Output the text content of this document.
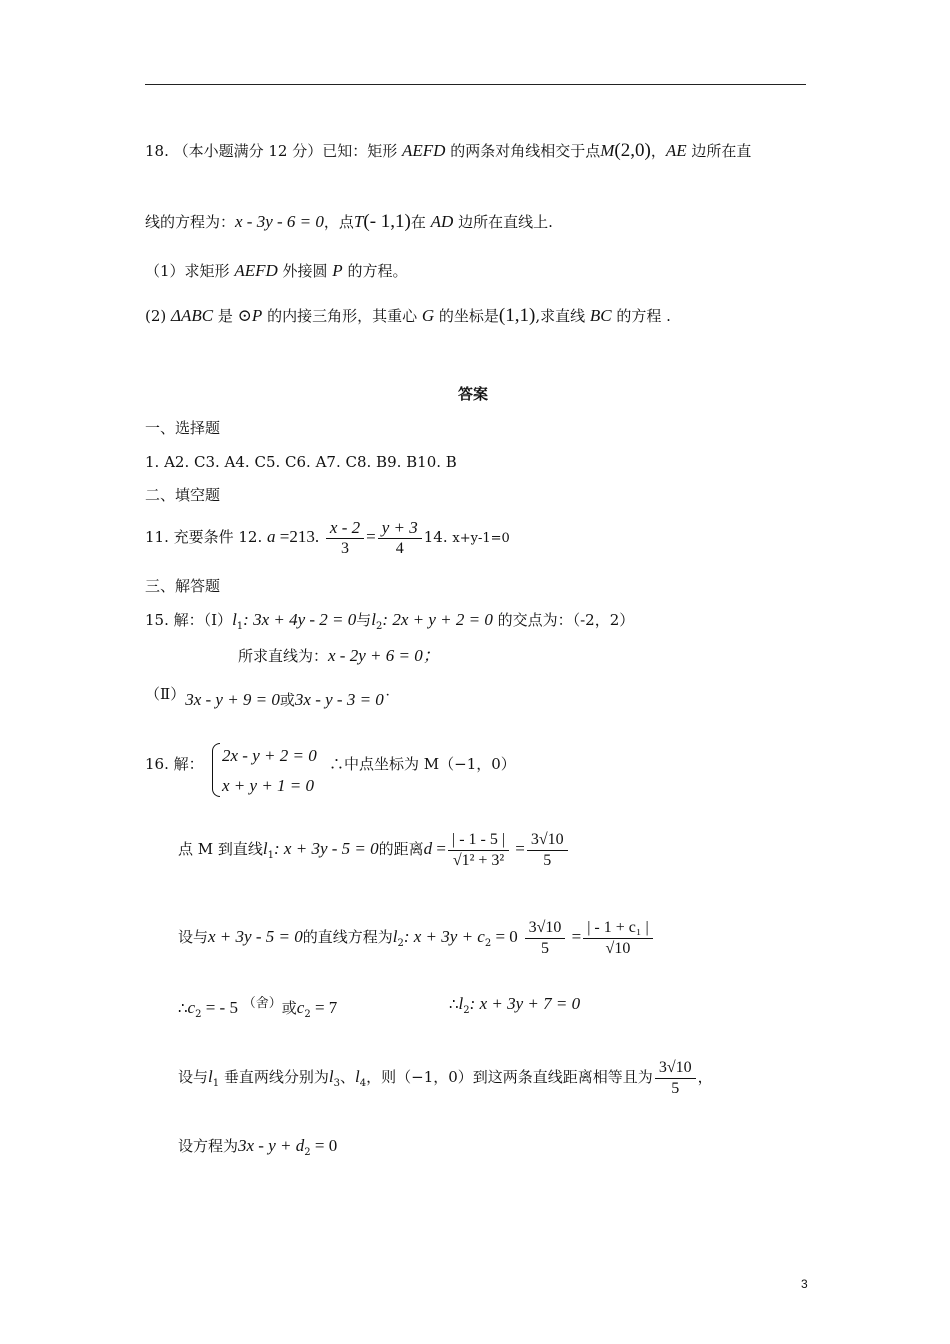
18. （本小题满分 12 分）已知：矩形 AEFD 的两条对角线相交于点M(2,0)，AE 边所在直
线的方程为：x - 3y - 6 = 0，点T(- 1,1)在 AD 边所在直线上.
（1）求矩形 AEFD 外接圆 P 的方程。
(2) ΔABC 是 ⊙P 的内接三角形，其重心 G 的坐标是(1,1),求直线 BC 的方程 .
答案
一、选择题
1. A2. C3. A4. C5. C6. A7. C8. B9. B10. B
二、填空题
11. 充要条件 12. a =213. $\frac{x - 2}{3} = \frac{y + 3}{4} 14$. x+y-1=0
三、解答题
15. 解：$(Ⅰ)l_1$: 3x + 4y - 2 = 0与$l_2$: 2x + y + 2 = 0 的交点为：（-2，2）
所求直线为：x - 2y + 6 = 0；
（Ⅱ）3x - y + 9 = 0或3x - y - 3 = 0˙
16. 解： 2x - y + 2 = 0
x + y + 1 = 0
∴中点坐标为 M（−1，0）
点 M 到直线$l_1$: x + 3y - 5 = 0的距离$d = \frac{| - 1 - 5 |}{\text{√1² + 3²}} = \frac{3√10}{5}$
设与x + 3y - 5 = 0的直线方程为$l_2$: $x + 3y + c_2 = 0 \frac{3√10}{5} = \frac{\text{| - 1 + c₁ |}}{√10}$
$\therefore c_2$ = - 5 （舍）或$c_2 = 7$	$\therefore l_2$: x + 3y + 7 = 0
设与$l_1$ 垂直两线分别为$l_3$、$l_4$，则（−1，0）到这两条直线距离相等且为 $\frac{3√10}{5}$ ，
设方程为$3x - y + d_2 = 0$
3
